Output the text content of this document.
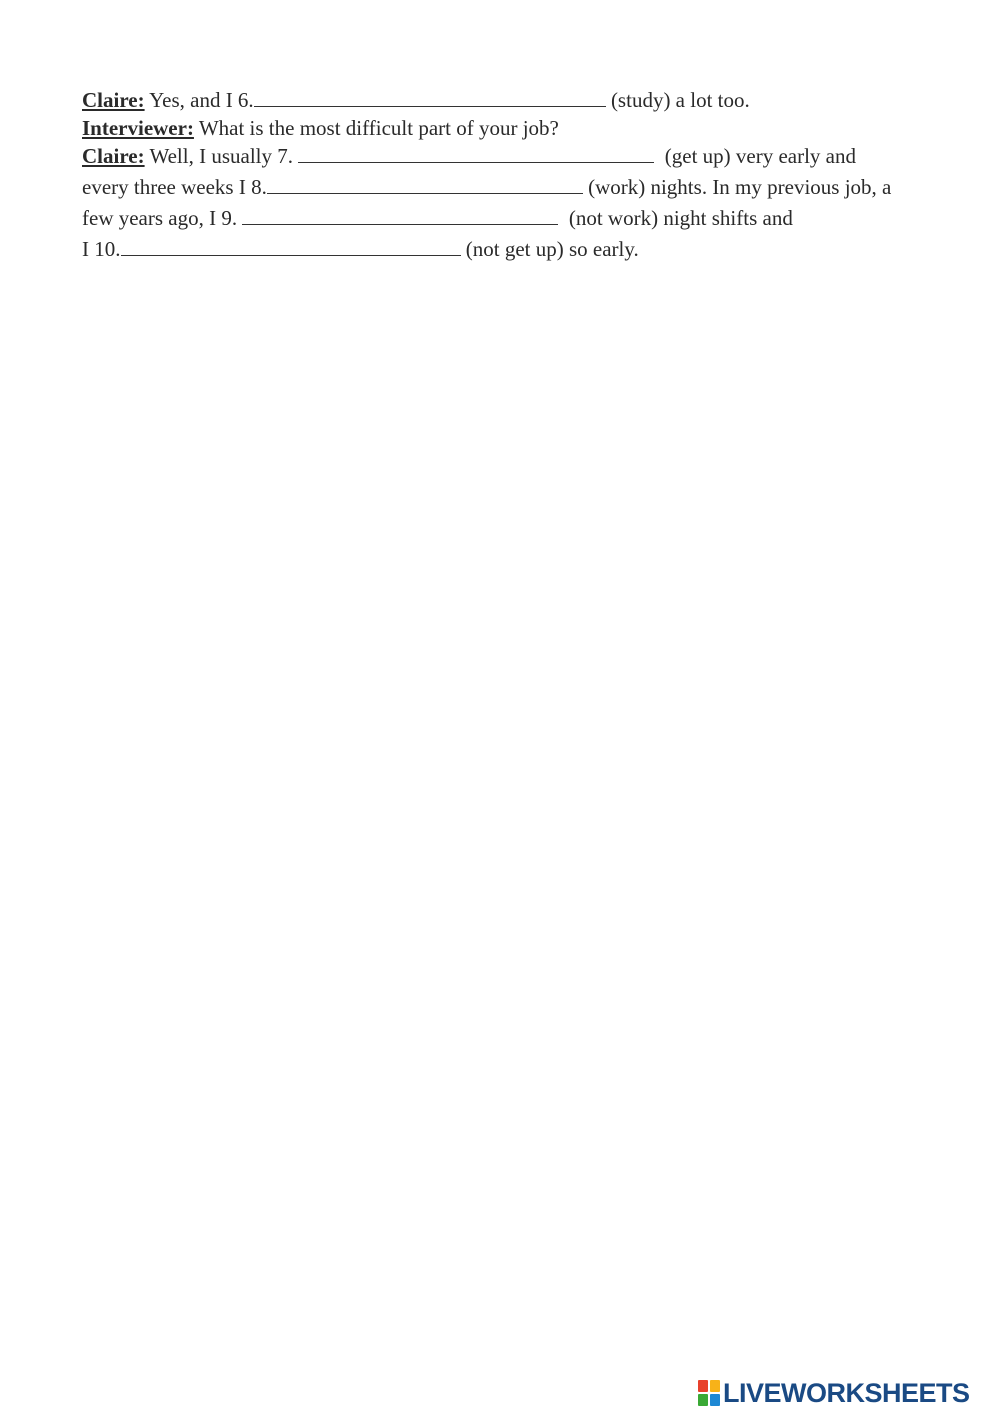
Claire: Yes, and I 6.	(study) a lot too.

Interviewer: What is the most difficult part of your job?

Claire: Well, I usually 7.	(get up) very early and

every three weeks I 8.	(work) nights. In my previous job, a

few years ago, I 9.	(not work) night shifts and

I 10.	(not get up) so early.

LIVEWORKSHEETS
